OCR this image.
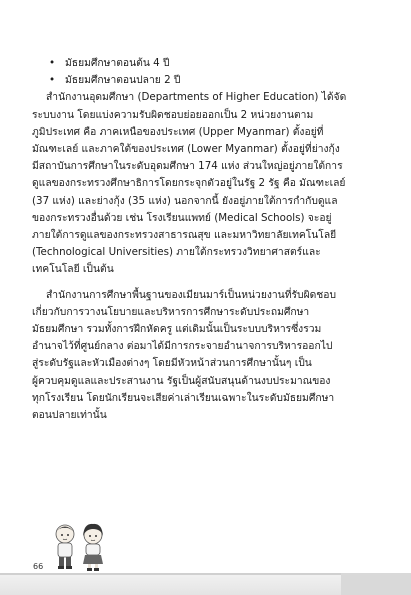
• มัธยมศึกษาตอนต้น 4 ปี
• มัธยมศึกษาตอนปลาย 2 ปี
สำนักงานอุดมศึกษา (Departments of Higher Education) ได้จัด
ระบบงาน โดยแบ่งความรับผิดชอบย่อยออกเป็น 2 หน่วยงานตาม
ภูมิประเทศ คือ ภาคเหนือของประเทศ (Upper Myanmar) ตั้งอยู่ที่
มัณฑะเลย์ และภาคใต้ของประเทศ (Lower Myanmar) ตั้งอยู่ที่ย่างกุ้ง
มีสถาบันการศึกษาในระดับอุดมศึกษา 174 แห่ง ส่วนใหญ่อยู่ภายใต้การ
ดูแลของกระทรวงศึกษาธิการโดยกระจุกตัวอยู่ในรัฐ 2 รัฐ คือ มัณฑะเลย์
(37 แห่ง) และย่างกุ้ง (35 แห่ง) นอกจากนี้ ยังอยู่ภายใต้การกำกับดูแล
ของกระทรวงอื่นด้วย เช่น โรงเรียนแพทย์ (Medical Schools) จะอยู่
ภายใต้การดูแลของกระทรวงสาธารณสุข และมหาวิทยาลัยเทคโนโลยี
(Technological Universities) ภายใต้กระทรวงวิทยาศาสตร์และ
เทคโนโลยี เป็นต้น
สำนักงานการศึกษาพื้นฐานของเมียนมาร์เป็นหน่วยงานที่รับผิดชอบ
เกี่ยวกับการวางนโยบายและบริหารการศึกษาระดับประถมศึกษา
มัธยมศึกษา รวมทั้งการฝึกหัดครู แต่เดิมนั้นเป็นระบบบริหารซึ่งรวม
อำนาจไว้ที่ศูนย์กลาง ต่อมาได้มีการกระจายอำนาจการบริหารออกไป
สู่ระดับรัฐและหัวเมืองต่างๆ โดยมีหัวหน้าส่วนการศึกษานั้นๆ เป็น
ผู้ควบคุมดูแลและประสานงาน รัฐเป็นผู้สนับสนุนด้านงบประมาณของ
ทุกโรงเรียน โดยนักเรียนจะเสียค่าเล่าเรียนเฉพาะในระดับมัธยมศึกษา
ตอนปลายเท่านั้น
66
